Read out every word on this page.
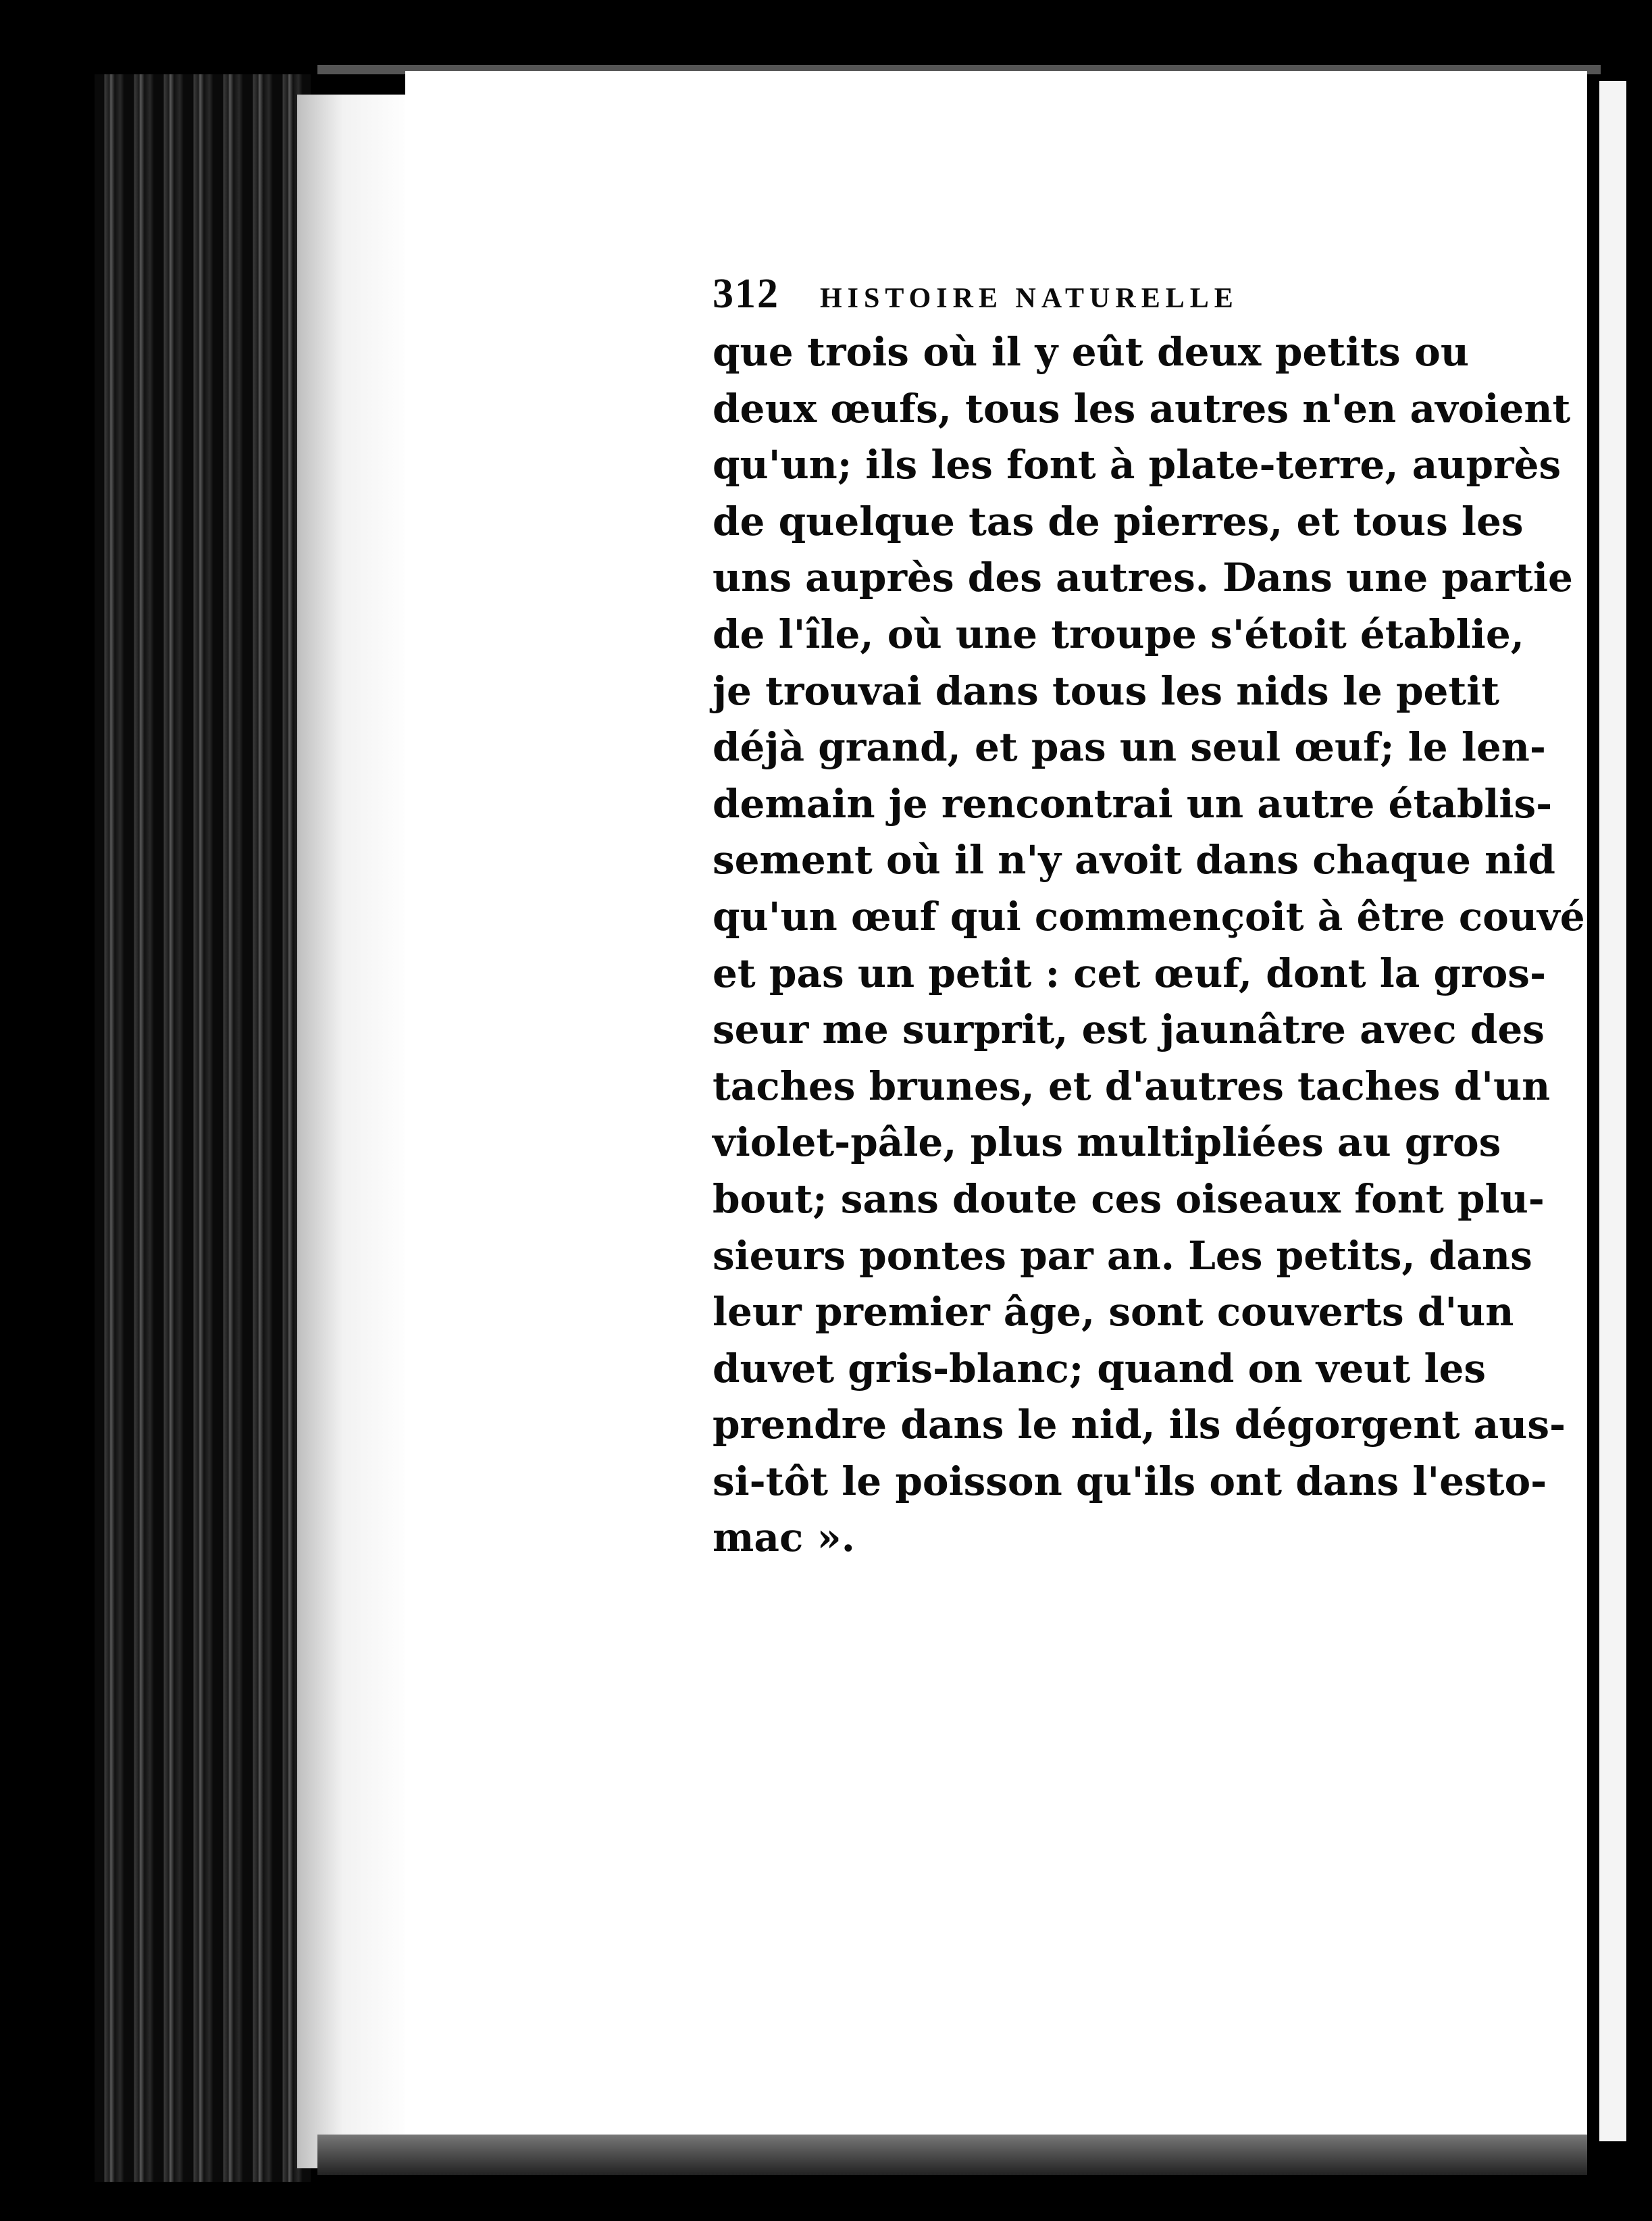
312 HISTOIRE NATURELLE
que trois où il y eût deux petits ou
deux œufs, tous les autres n'en avoient
qu'un; ils les font à plate-terre, auprès
de quelque tas de pierres, et tous les
uns auprès des autres. Dans une partie
de l'île, où une troupe s'étoit établie,
je trouvai dans tous les nids le petit
déjà grand, et pas un seul œuf; le len-
demain je rencontrai un autre établis-
sement où il n'y avoit dans chaque nid
qu'un œuf qui commençoit à être couvé
et pas un petit : cet œuf, dont la gros-
seur me surprit, est jaunâtre avec des
taches brunes, et d'autres taches d'un
violet-pâle, plus multipliées au gros
bout; sans doute ces oiseaux font plu-
sieurs pontes par an. Les petits, dans
leur premier âge, sont couverts d'un
duvet gris-blanc; quand on veut les
prendre dans le nid, ils dégorgent aus-
si-tôt le poisson qu'ils ont dans l'esto-
mac ».
